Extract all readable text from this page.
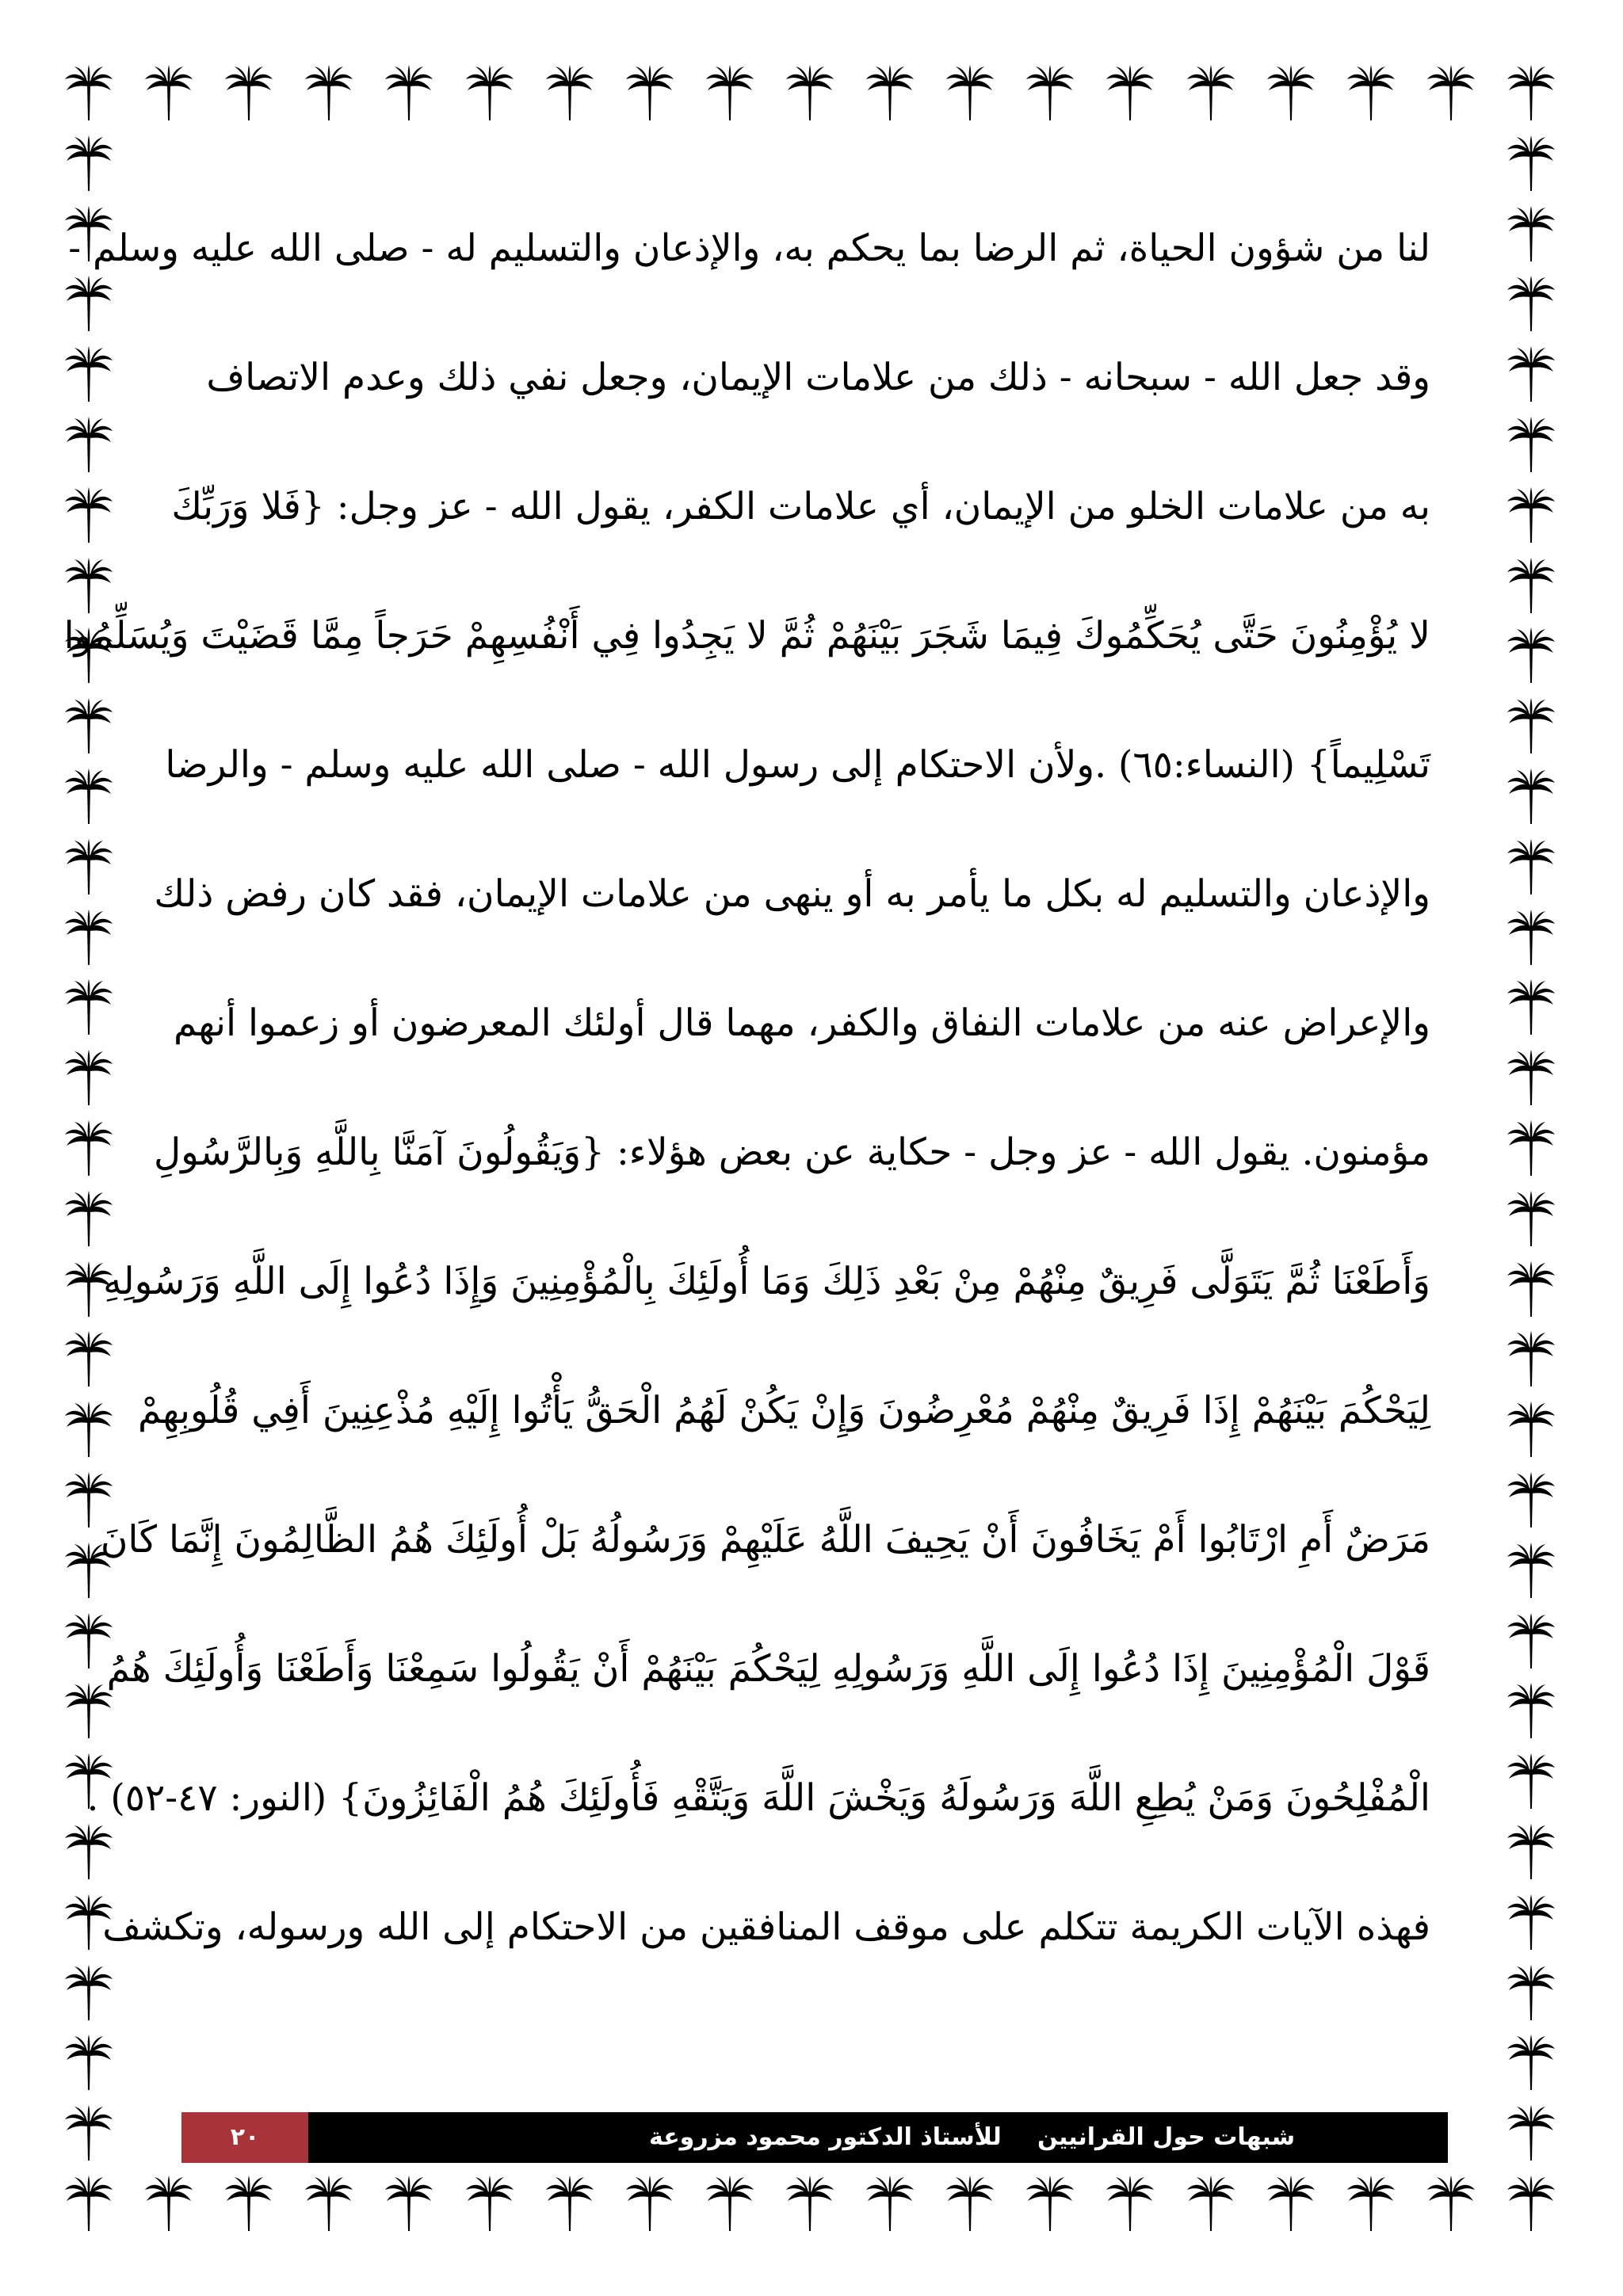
لنا من شؤون الحياة، ثم الرضا بما يحكم به، والإذعان والتسليم له - صلى الله عليه وسلم -
وقد جعل الله - سبحانه - ذلك من علامات الإيمان، وجعل نفي ذلك وعدم الاتصاف
به من علامات الخلو من الإيمان، أي علامات الكفر، يقول الله - عز وجل: {فَلا وَرَبِّكَ
لا يُؤْمِنُونَ حَتَّى يُحَكِّمُوكَ فِيمَا شَجَرَ بَيْنَهُمْ ثُمَّ لا يَجِدُوا فِي أَنْفُسِهِمْ حَرَجاً مِمَّا قَضَيْتَ وَيُسَلِّمُوا
تَسْلِيماً} (النساء:٦٥) .ولأن الاحتكام إلى رسول الله - صلى الله عليه وسلم - والرضا
والإذعان والتسليم له بكل ما يأمر به أو ينهى من علامات الإيمان، فقد كان رفض ذلك
والإعراض عنه من علامات النفاق والكفر، مهما قال أولئك المعرضون أو زعموا أنهم
مؤمنون. يقول الله - عز وجل - حكاية عن بعض هؤلاء: {وَيَقُولُونَ آمَنَّا بِاللَّهِ وَبِالرَّسُولِ
وَأَطَعْنَا ثُمَّ يَتَوَلَّى فَرِيقٌ مِنْهُمْ مِنْ بَعْدِ ذَلِكَ وَمَا أُولَئِكَ بِالْمُؤْمِنِينَ وَإِذَا دُعُوا إِلَى اللَّهِ وَرَسُولِهِ
لِيَحْكُمَ بَيْنَهُمْ إِذَا فَرِيقٌ مِنْهُمْ مُعْرِضُونَ وَإِنْ يَكُنْ لَهُمُ الْحَقُّ يَأْتُوا إِلَيْهِ مُذْعِنِينَ أَفِي قُلُوبِهِمْ
مَرَضٌ أَمِ ارْتَابُوا أَمْ يَخَافُونَ أَنْ يَحِيفَ اللَّهُ عَلَيْهِمْ وَرَسُولُهُ بَلْ أُولَئِكَ هُمُ الظَّالِمُونَ إِنَّمَا كَانَ
قَوْلَ الْمُؤْمِنِينَ إِذَا دُعُوا إِلَى اللَّهِ وَرَسُولِهِ لِيَحْكُمَ بَيْنَهُمْ أَنْ يَقُولُوا سَمِعْنَا وَأَطَعْنَا وَأُولَئِكَ هُمُ
الْمُفْلِحُونَ وَمَنْ يُطِعِ اللَّهَ وَرَسُولَهُ وَيَخْشَ اللَّهَ وَيَتَّقْهِ فَأُولَئِكَ هُمُ الْفَائِزُونَ} (النور: ٤٧-٥٢) .
فهذه الآيات الكريمة تتكلم على موقف المنافقين من الاحتكام إلى الله ورسوله، وتكشف
٢٠	للأستاذ الدكتور محمود مزروعة شبهات حول القرانيين
